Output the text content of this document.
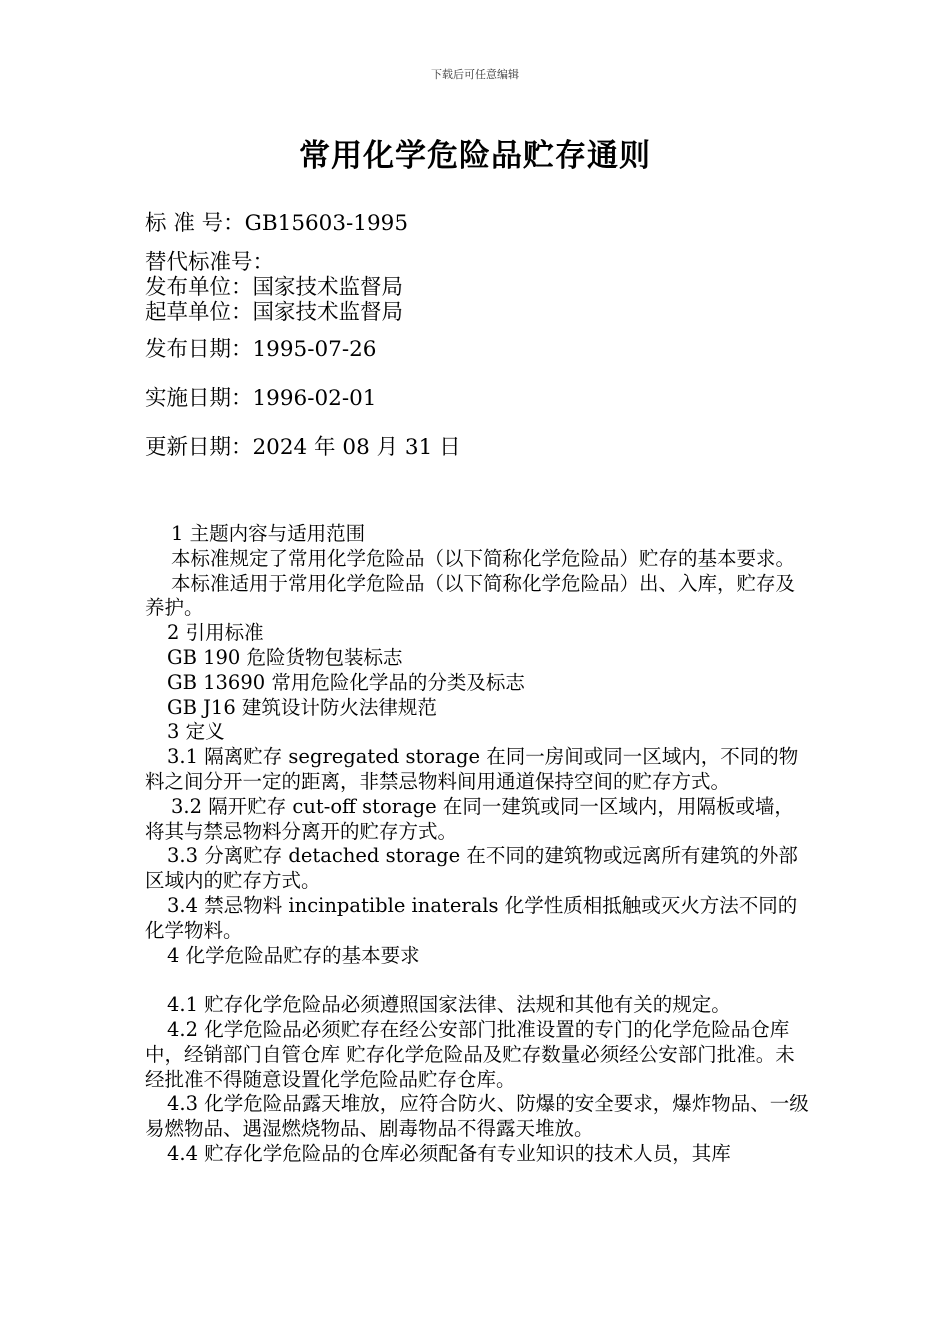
下载后可任意编辑
常用化学危险品贮存通则
标 准 号：GB15603-1995
替代标准号：
发布单位：国家技术监督局
起草单位：国家技术监督局
发布日期：1995-07-26
实施日期：1996-02-01
更新日期：2024 年 08 月 31 日

1 主题内容与适用范围

本标准规定了常用化学危险品（以下简称化学危险品）贮存的基本要求。

本标准适用于常用化学危险品（以下简称化学危险品）出、入库，贮存及养护。

2 引用标准

GB 190 危险货物包装标志

GB 13690 常用危险化学品的分类及标志

GB J16 建筑设计防火法律规范

3 定义

3.1 隔离贮存 segregated storage 在同一房间或同一区域内，不同的物料之间分开一定的距离，非禁忌物料间用通道保持空间的贮存方式。

3.2 隔开贮存 cut-off storage 在同一建筑或同一区域内，用隔板或墙，将其与禁忌物料分离开的贮存方式。

3.3 分离贮存 detached storage 在不同的建筑物或远离所有建筑的外部区域内的贮存方式。

3.4 禁忌物料 incinpatible inaterals 化学性质相抵触或灭火方法不同的化学物料。

4 化学危险品贮存的基本要求

4.1 贮存化学危险品必须遵照国家法律、法规和其他有关的规定。

4.2 化学危险品必须贮存在经公安部门批准设置的专门的化学危险品仓库中，经销部门自管仓库 贮存化学危险品及贮存数量必须经公安部门批准。未经批准不得随意设置化学危险品贮存仓库。

4.3 化学危险品露天堆放，应符合防火、防爆的安全要求，爆炸物品、一级易燃物品、遇湿燃烧物品、剧毒物品不得露天堆放。

4.4 贮存化学危险品的仓库必须配备有专业知识的技术人员，其库
